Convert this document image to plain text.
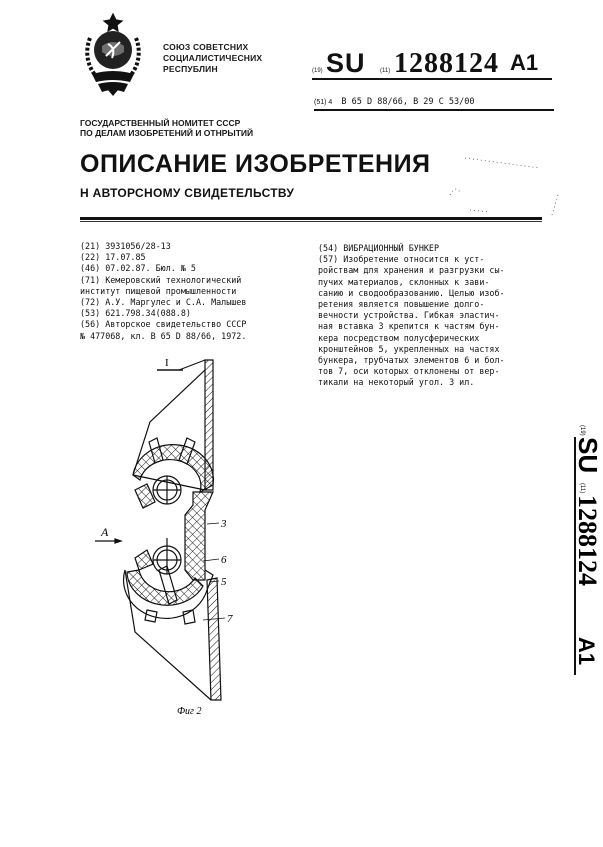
СОЮЗ СОВЕТСНИХ
СОЦИАЛИСТИЧЕСНИХ
РЕСПУБЛИН	(19) SU (11) 1288124 A1
(51) 4 B 65 D 88/66, B 29 C 53/00
ГОСУДАРСТВЕННЫЙ НОМИТЕТ СССР
ПО ДЕЛАМ ИЗОБРЕТЕНИЙ И ОТНРЫТИЙ
ОПИСАНИЕ ИЗОБРЕТЕНИЯ
Н АВТОРСНОМУ СВИДЕТЕЛЬСТВУ
(21) 3931056/28-13
(22) 17.07.85
(46) 07.02.87. Бюл. № 5
(71) Кемеровский технологический
институт пищевой промышленности
(72) А.У. Маргулес и С.А. Малышев
(53) 621.798.34(088.8)
(56) Авторское свидетельство СССР
№ 477068, кл. B 65 D 88/66, 1972.
(54) ВИБРАЦИОННЫЙ БУНКЕР
(57) Изобретение относится к уст-
ройствам для хранения и разгрузки сы-
пучих материалов, склонных к зави-
санию и сводообразованию. Целью изоб-
ретения является повышение долго-
вечности устройства. Гибкая эластич-
ная вставка 3 крепится к частям бун-
кера посредством полусферических
кронштейнов 5, укрепленных на частях
бункера, трубчатых элементов 6 и бол-
тов 7, оси которых отклонены от вер-
тикали на некоторый угол. 3 ил.
(19)
SU
(11)
1288124
A1
I
A
3
6
5
7
Фиг 2
